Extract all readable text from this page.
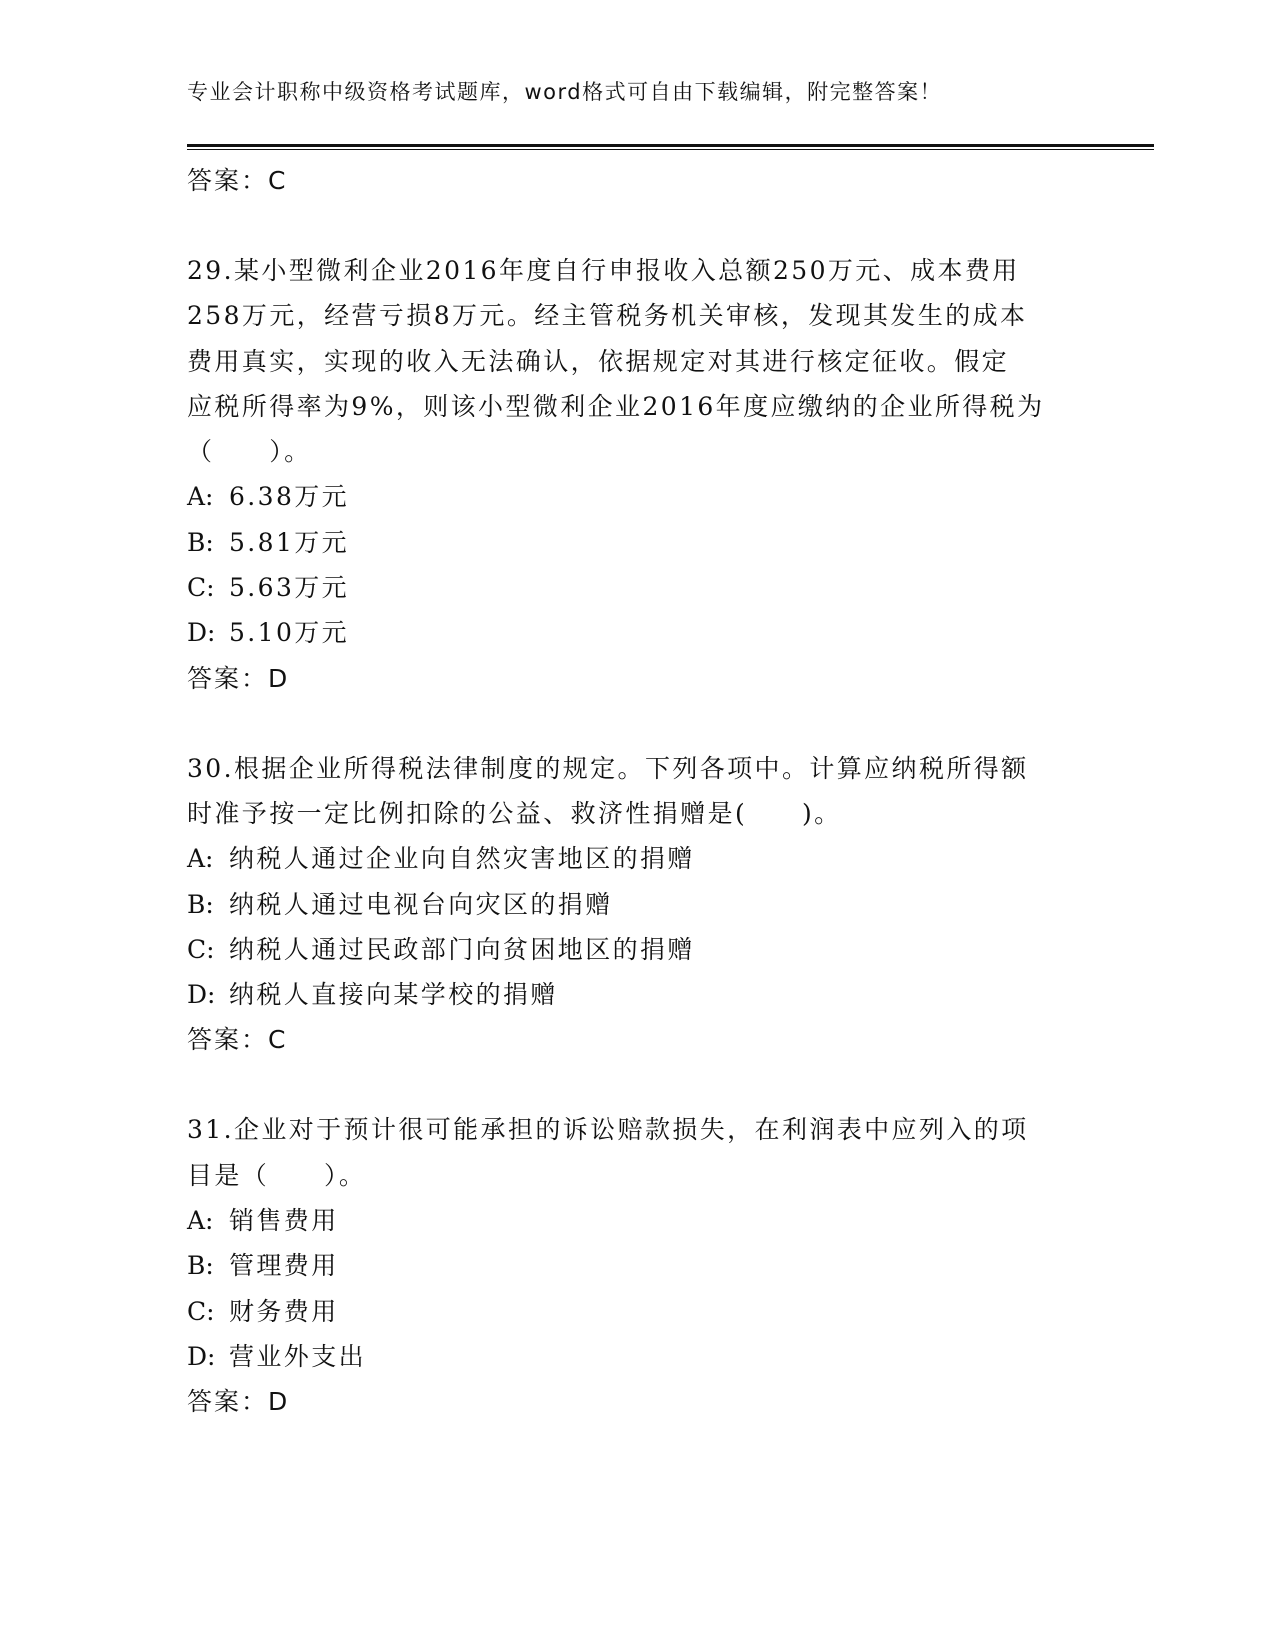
专业会计职称中级资格考试题库，word格式可自由下载编辑，附完整答案！
答案：C
29.某小型微利企业2016年度自行申报收入总额250万元、成本费用
258万元，经营亏损8万元。经主管税务机关审核，发现其发生的成本
费用真实，实现的收入无法确认，依据规定对其进行核定征收。假定
应税所得率为9%，则该小型微利企业2016年度应缴纳的企业所得税为
（　　）。
A: 6.38万元
B: 5.81万元
C: 5.63万元
D: 5.10万元
答案：D
30.根据企业所得税法律制度的规定。下列各项中。计算应纳税所得额
时准予按一定比例扣除的公益、救济性捐赠是(　　)。
A: 纳税人通过企业向自然灾害地区的捐赠
B: 纳税人通过电视台向灾区的捐赠
C: 纳税人通过民政部门向贫困地区的捐赠
D: 纳税人直接向某学校的捐赠
答案：C
31.企业对于预计很可能承担的诉讼赔款损失，在利润表中应列入的项
目是（　　）。
A: 销售费用
B: 管理费用
C: 财务费用
D: 营业外支出
答案：D
